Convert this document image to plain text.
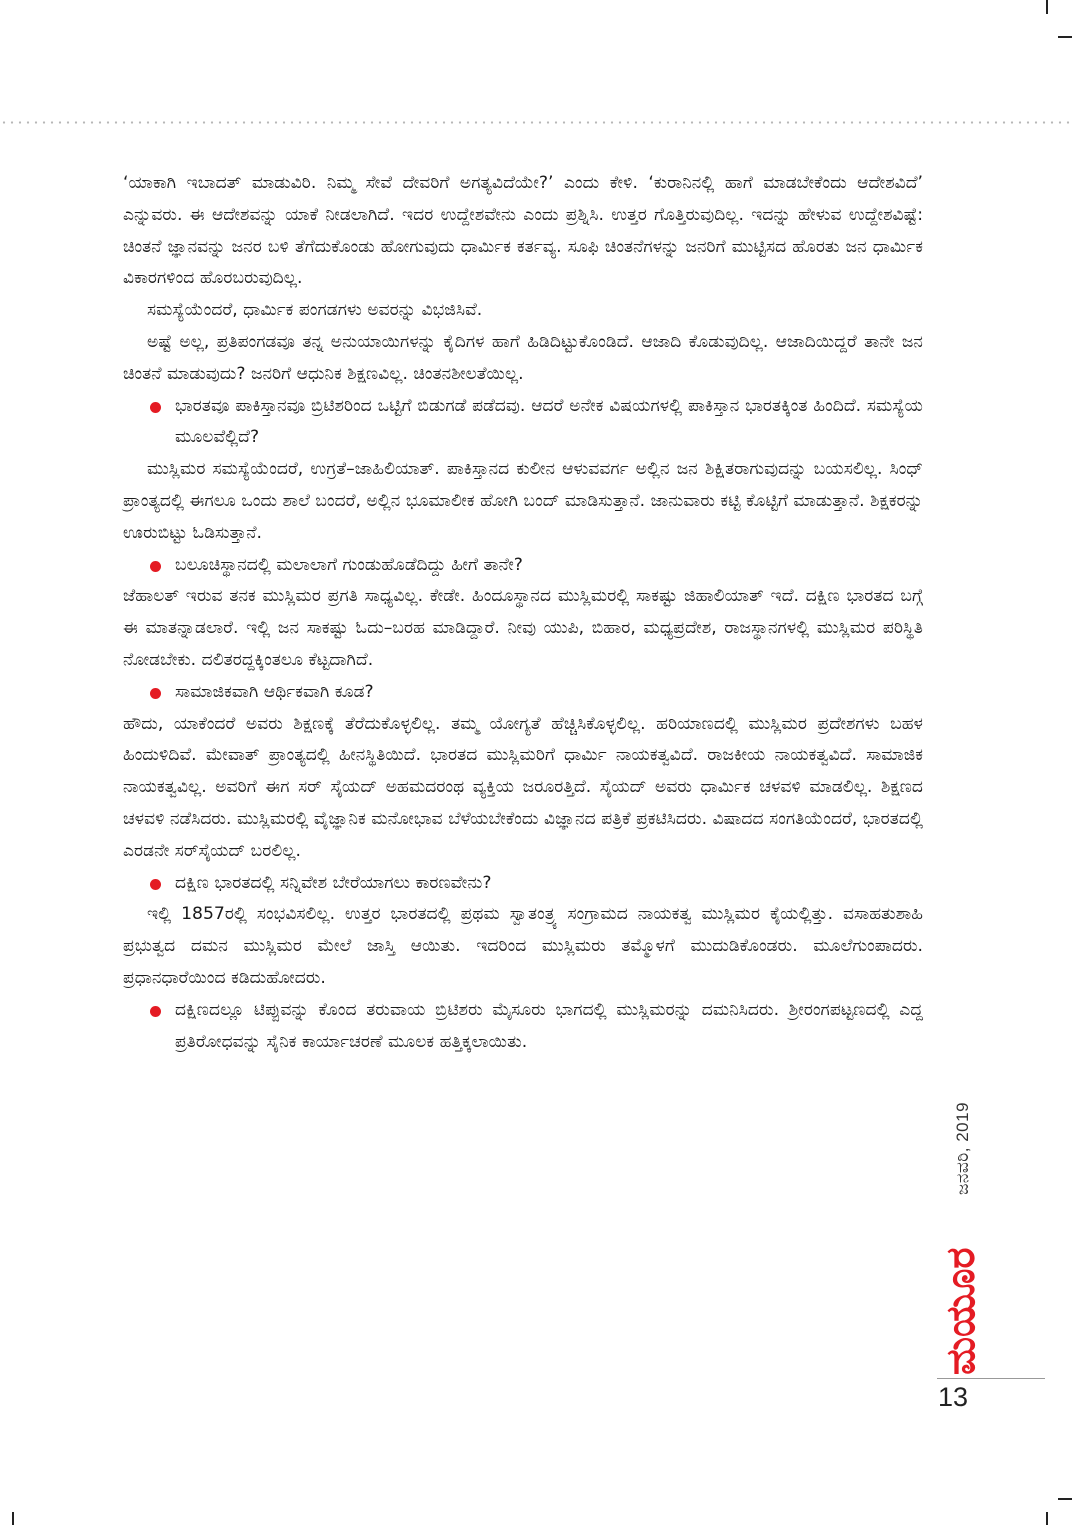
‘ಯಾಕಾಗಿ ಇಬಾದತ್ ಮಾಡುವಿರಿ. ನಿಮ್ಮ ಸೇವೆ ದೇವರಿಗೆ ಅಗತ್ಯವಿದೆಯೇ?’ ಎಂದು ಕೇಳಿ. ‘ಕುರಾನಿನಲ್ಲಿ ಹಾಗೆ ಮಾಡಬೇಕೆಂದು ಆದೇಶವಿದೆ’ ಎನ್ನುವರು. ಈ ಆದೇಶವನ್ನು ಯಾಕೆ ನೀಡಲಾಗಿದೆ. ಇದರ ಉದ್ದೇಶವೇನು ಎಂದು ಪ್ರಶ್ನಿಸಿ. ಉತ್ತರ ಗೊತ್ತಿರುವುದಿಲ್ಲ. ಇದನ್ನು ಹೇಳುವ ಉದ್ದೇಶವಿಷ್ಟೆ: ಚಿಂತನೆ ಜ್ಞಾನವನ್ನು ಜನರ ಬಳಿ ತೆಗೆದುಕೊಂಡು ಹೋಗುವುದು ಧಾರ್ಮಿಕ ಕರ್ತವ್ಯ. ಸೂಫಿ ಚಿಂತನೆಗಳನ್ನು ಜನರಿಗೆ ಮುಟ್ಟಿಸದ ಹೊರತು ಜನ ಧಾರ್ಮಿಕ ವಿಕಾರಗಳಿಂದ ಹೊರಬರುವುದಿಲ್ಲ.

ಸಮಸ್ಯೆಯೆಂದರೆ, ಧಾರ್ಮಿಕ ಪಂಗಡಗಳು ಅವರನ್ನು ವಿಭಜಿಸಿವೆ.

ಅಷ್ಟೆ ಅಲ್ಲ, ಪ್ರತಿಪಂಗಡವೂ ತನ್ನ ಅನುಯಾಯಿಗಳನ್ನು ಕೈದಿಗಳ ಹಾಗೆ ಹಿಡಿದಿಟ್ಟುಕೊಂಡಿದೆ. ಆಜಾದಿ ಕೊಡುವುದಿಲ್ಲ. ಆಜಾದಿಯಿದ್ದರೆ ತಾನೇ ಜನ ಚಿಂತನೆ ಮಾಡುವುದು? ಜನರಿಗೆ ಆಧುನಿಕ ಶಿಕ್ಷಣವಿಲ್ಲ. ಚಿಂತನಶೀಲತೆಯಿಲ್ಲ.

ಭಾರತವೂ ಪಾಕಿಸ್ತಾನವೂ ಬ್ರಿಟಿಶರಿಂದ ಒಟ್ಟಿಗೆ ಬಿಡುಗಡೆ ಪಡೆದವು. ಆದರೆ ಅನೇಕ ವಿಷಯಗಳಲ್ಲಿ ಪಾಕಿಸ್ತಾನ ಭಾರತಕ್ಕಿಂತ ಹಿಂದಿದೆ. ಸಮಸ್ಯೆಯ ಮೂಲವೆಲ್ಲಿದೆ?

ಮುಸ್ಲಿಮರ ಸಮಸ್ಯೆಯೆಂದರೆ, ಉಗ್ರತೆ–ಜಾಹಿಲಿಯಾತ್. ಪಾಕಿಸ್ತಾನದ ಕುಲೀನ ಆಳುವವರ್ಗ ಅಲ್ಲಿನ ಜನ ಶಿಕ್ಷಿತರಾಗುವುದನ್ನು ಬಯಸಲಿಲ್ಲ. ಸಿಂಧ್ ಪ್ರಾಂತ್ಯದಲ್ಲಿ ಈಗಲೂ ಒಂದು ಶಾಲೆ ಬಂದರೆ, ಅಲ್ಲಿನ ಭೂಮಾಲೀಕ ಹೋಗಿ ಬಂದ್ ಮಾಡಿಸುತ್ತಾನೆ. ಜಾನುವಾರು ಕಟ್ಟಿ ಕೊಟ್ಟಿಗೆ ಮಾಡುತ್ತಾನೆ. ಶಿಕ್ಷಕರನ್ನು ಊರುಬಿಟ್ಟು ಓಡಿಸುತ್ತಾನೆ.

ಬಲೂಚಿಸ್ಥಾನದಲ್ಲಿ ಮಲಾಲಾಗೆ ಗುಂಡುಹೊಡೆದಿದ್ದು ಹೀಗೆ ತಾನೇ?

ಜೆಹಾಲತ್ ಇರುವ ತನಕ ಮುಸ್ಲಿಮರ ಪ್ರಗತಿ ಸಾಧ್ಯವಿಲ್ಲ. ಕೇಡೇ. ಹಿಂದೂಸ್ಥಾನದ ಮುಸ್ಲಿಮರಲ್ಲಿ ಸಾಕಷ್ಟು ಜಿಹಾಲಿಯಾತ್ ಇದೆ. ದಕ್ಷಿಣ ಭಾರತದ ಬಗ್ಗೆ ಈ ಮಾತನ್ನಾಡಲಾರೆ. ಇಲ್ಲಿ ಜನ ಸಾಕಷ್ಟು ಓದು–ಬರಹ ಮಾಡಿದ್ದಾರೆ. ನೀವು ಯುಪಿ, ಬಿಹಾರ, ಮಧ್ಯಪ್ರದೇಶ, ರಾಜಸ್ಥಾನಗಳಲ್ಲಿ ಮುಸ್ಲಿಮರ ಪರಿಸ್ಥಿತಿ ನೋಡಬೇಕು. ದಲಿತರದ್ದಕ್ಕಿಂತಲೂ ಕೆಟ್ಟದಾಗಿದೆ.

ಸಾಮಾಜಿಕವಾಗಿ ಆರ್ಥಿಕವಾಗಿ ಕೂಡ?

ಹೌದು, ಯಾಕೆಂದರೆ ಅವರು ಶಿಕ್ಷಣಕ್ಕೆ ತೆರೆದುಕೊಳ್ಳಲಿಲ್ಲ. ತಮ್ಮ ಯೋಗ್ಯತೆ ಹೆಚ್ಚಿಸಿಕೊಳ್ಳಲಿಲ್ಲ. ಹರಿಯಾಣದಲ್ಲಿ ಮುಸ್ಲಿಮರ ಪ್ರದೇಶಗಳು ಬಹಳ ಹಿಂದುಳಿದಿವೆ. ಮೇವಾತ್ ಪ್ರಾಂತ್ಯದಲ್ಲಿ ಹೀನಸ್ಥಿತಿಯಿದೆ. ಭಾರತದ ಮುಸ್ಲಿಮರಿಗೆ ಧಾರ್ಮಿ ನಾಯಕತ್ವವಿದೆ. ರಾಜಕೀಯ ನಾಯಕತ್ವವಿದೆ. ಸಾಮಾಜಿಕ ನಾಯಕತ್ವವಿಲ್ಲ. ಅವರಿಗೆ ಈಗ ಸರ್ ಸೈಯದ್ ಅಹಮದರಂಥ ವ್ಯಕ್ತಿಯ ಜರೂರತ್ತಿದೆ. ಸೈಯದ್ ಅವರು ಧಾರ್ಮಿಕ ಚಳವಳಿ ಮಾಡಲಿಲ್ಲ. ಶಿಕ್ಷಣದ ಚಳವಳಿ ನಡೆಸಿದರು. ಮುಸ್ಲಿಮರಲ್ಲಿ ವೈಜ್ಞಾನಿಕ ಮನೋಭಾವ ಬೆಳೆಯಬೇಕೆಂದು ವಿಜ್ಞಾನದ ಪತ್ರಿಕೆ ಪ್ರಕಟಿಸಿದರು. ವಿಷಾದದ ಸಂಗತಿಯೆಂದರೆ, ಭಾರತದಲ್ಲಿ ಎರಡನೇ ಸರ್‌ಸೈಯದ್ ಬರಲಿಲ್ಲ.

ದಕ್ಷಿಣ ಭಾರತದಲ್ಲಿ ಸನ್ನಿವೇಶ ಬೇರೆಯಾಗಲು ಕಾರಣವೇನು?

ಇಲ್ಲಿ 1857ರಲ್ಲಿ ಸಂಭವಿಸಲಿಲ್ಲ. ಉತ್ತರ ಭಾರತದಲ್ಲಿ ಪ್ರಥಮ ಸ್ವಾತಂತ್ರ್ಯ ಸಂಗ್ರಾಮದ ನಾಯಕತ್ವ ಮುಸ್ಲಿಮರ ಕೈಯಲ್ಲಿತ್ತು. ವಸಾಹತುಶಾಹಿ ಪ್ರಭುತ್ವದ ದಮನ ಮುಸ್ಲಿಮರ ಮೇಲೆ ಜಾಸ್ತಿ ಆಯಿತು. ಇದರಿಂದ ಮುಸ್ಲಿಮರು ತಮ್ಮೊಳಗೆ ಮುದುಡಿಕೊಂಡರು. ಮೂಲೆಗುಂಪಾದರು. ಪ್ರಧಾನಧಾರೆಯಿಂದ ಕಡಿದುಹೋದರು.

ದಕ್ಷಿಣದಲ್ಲೂ ಟಿಪ್ಪುವನ್ನು ಕೊಂದ ತರುವಾಯ ಬ್ರಿಟಿಶರು ಮೈಸೂರು ಭಾಗದಲ್ಲಿ ಮುಸ್ಲಿಮರನ್ನು ದಮನಿಸಿದರು. ಶ್ರೀರಂಗಪಟ್ಟಣದಲ್ಲಿ ಎದ್ದ ಪ್ರತಿರೋಧವನ್ನು ಸೈನಿಕ ಕಾರ್ಯಾಚರಣೆ ಮೂಲಕ ಹತ್ತಿಕ್ಕಲಾಯಿತು.
ಜನವರಿ, 2019
ಮಯೂರ
13
